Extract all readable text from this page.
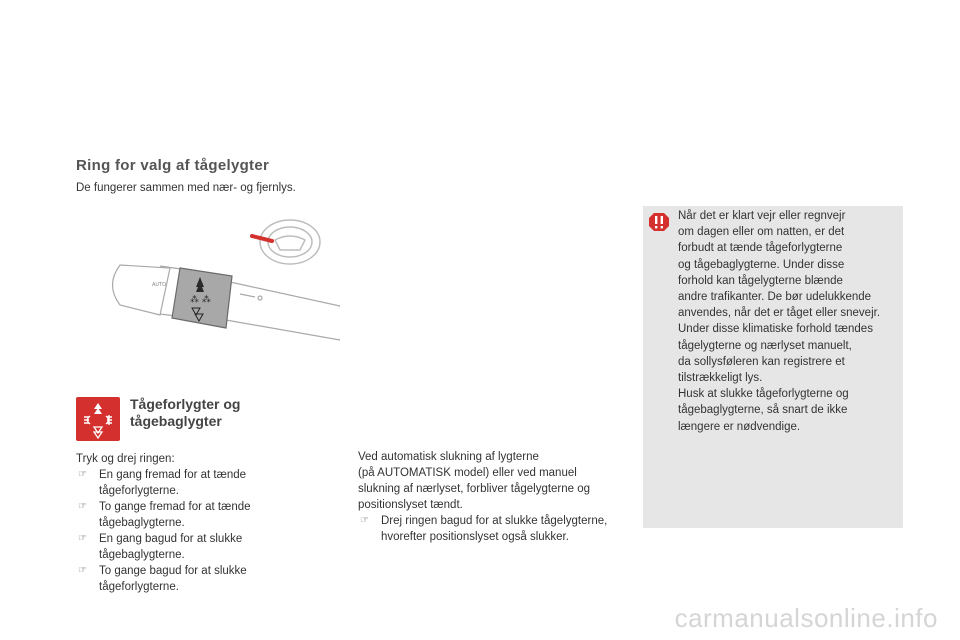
Ring for valg af tågelygter
De fungerer sammen med nær- og fjernlys.
⁂ ⁂
AUTO
Tågeforlygter og
tågebaglygter
Tryk og drej ringen:
☞ En gang fremad for at tænde tågeforlygterne.
☞ To gange fremad for at tænde tågebaglygterne.
☞ En gang bagud for at slukke tågebaglygterne.
☞ To gange bagud for at slukke tågeforlygterne.
Ved automatisk slukning af lygterne
(på AUTOMATISK model) eller ved manuel
slukning af nærlyset, forbliver tågelygterne og
positionslyset tændt.
☞ Drej ringen bagud for at slukke tågelygterne, hvorefter positionslyset også slukker.

Når det er klart vejr eller regnvejr

om dagen eller om natten, er det

forbudt at tænde tågeforlygterne

og tågebaglygterne. Under disse

forhold kan tågelygterne blænde

andre trafikanter. De bør udelukkende

anvendes, når det er tåget eller snevejr.

Under disse klimatiske forhold tændes

tågelygterne og nærlyset manuelt,

da sollysføleren kan registrere et

tilstrækkeligt lys.

Husk at slukke tågeforlygterne og

tågebaglygterne, så snart de ikke

længere er nødvendige.

carmanualsonline.info
